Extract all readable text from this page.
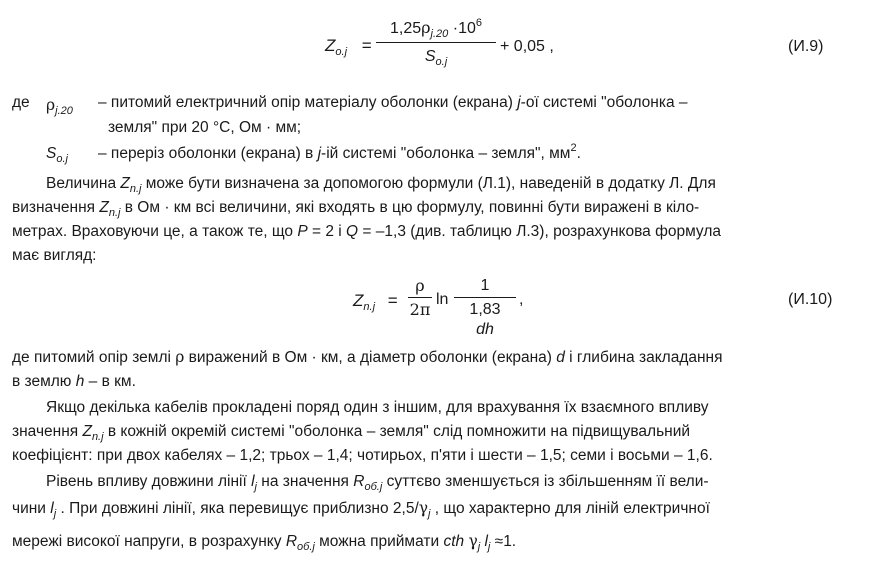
$Z_{o.j}$ =
$1,25\rho_{j.20} \cdot 10^6$
$S_{o.j}$
+ 0,05 ,	(И.9)
де $\rho_{j.20}$ – питомий електричний опір матеріалу оболонки (екрана) j-ої системі "оболонка –
земля" при 20 °С, Ом · мм;
$S_{o.j}$ – переріз оболонки (екрана) в j-ій системі "оболонка – земля", $мм^2$.
Величина $Z_{n.j}$ може бути визначена за допомогою формули (Л.1), наведеній в додатку Л. Для
визначення $Z_{n.j}$ в Ом · км всі величини, які входять в цю формулу, повинні бути виражені в кіло-
метрах. Враховуючи це, а також те, що P = 2 і Q = –1,3 (див. таблицю Л.3), розрахункова формула
має вигляд:
$Z_{n.j}$ =
ρ
2π
ln
1
1,83
dh
,	(И.10)
де питомий опір землі ρ виражений в Ом · км, а діаметр оболонки (екрана) d і глибина закладання
в землю h – в км.
Якщо декілька кабелів прокладені поряд один з іншим, для врахування їх взаємного впливу
значення $Z_{n.j}$ в кожній окремій системі "оболонка – земля" слід помножити на підвищувальний
коефіцієнт: при двох кабелях – 1,2; трьох – 1,4; чотирьох, п'яти і шести – 1,5; семи і восьми – 1,6.
Рівень впливу довжини лінії $l_j$ на значення $R_{об.j}$ суттєво зменшується із збільшенням її вели-
чини $l_j$ . При довжині лінії, яка перевищує приблизно $2,5/\gamma_j$ , що характерно для ліній електричної
мережі високої напруги, в розрахунку $R_{об.j}$ можна приймати cth $\gamma_j$ $l_j \approx 1$.
